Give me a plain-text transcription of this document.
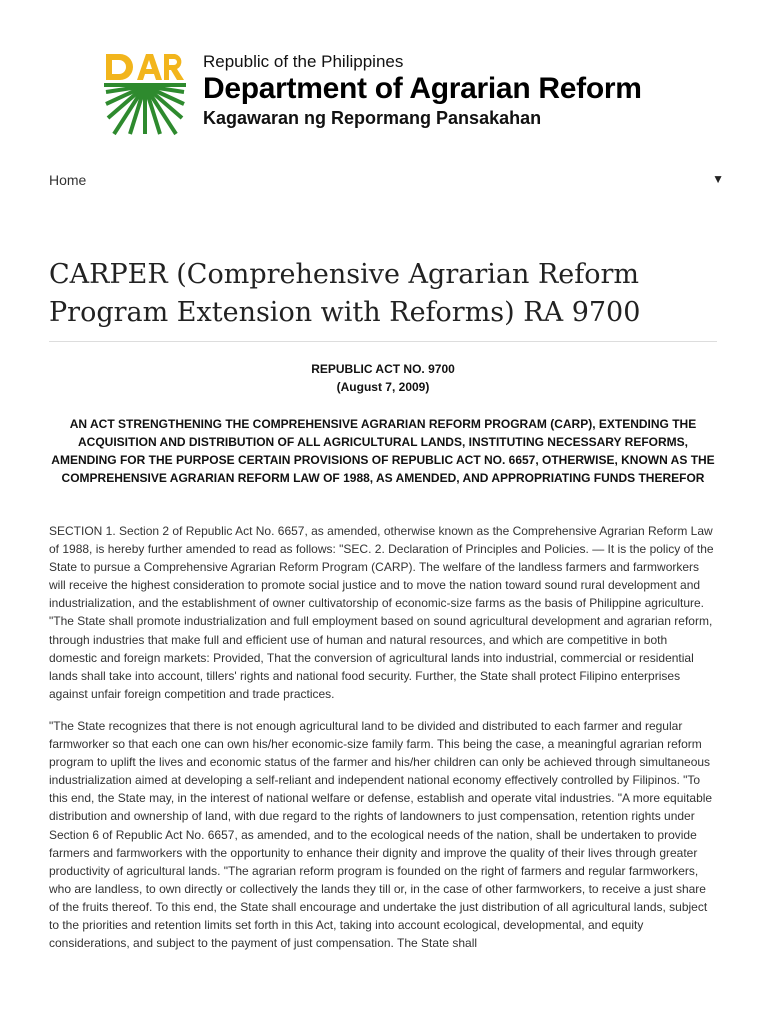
Republic of the Philippines
Department of Agrarian Reform
Kagawaran ng Repormang Pansakahan
Home	▼
CARPER (Comprehensive Agrarian Reform Program Extension with Reforms) RA 9700
REPUBLIC ACT NO. 9700
(August 7, 2009)
AN ACT STRENGTHENING THE COMPREHENSIVE AGRARIAN REFORM PROGRAM (CARP), EXTENDING THE ACQUISITION AND DISTRIBUTION OF ALL AGRICULTURAL LANDS, INSTITUTING NECESSARY REFORMS, AMENDING FOR THE PURPOSE CERTAIN PROVISIONS OF REPUBLIC ACT NO. 6657, OTHERWISE, KNOWN AS THE COMPREHENSIVE AGRARIAN REFORM LAW OF 1988, AS AMENDED, AND APPROPRIATING FUNDS THEREFOR

SECTION 1. Section 2 of Republic Act No. 6657, as amended, otherwise known as the Comprehensive Agrarian Reform Law of 1988, is hereby further amended to read as follows: "SEC. 2. Declaration of Principles and Policies. — It is the policy of the State to pursue a Comprehensive Agrarian Reform Program (CARP). The welfare of the landless farmers and farmworkers will receive the highest consideration to promote social justice and to move the nation toward sound rural development and industrialization, and the establishment of owner cultivatorship of economic-size farms as the basis of Philippine agriculture. "The State shall promote industrialization and full employment based on sound agricultural development and agrarian reform, through industries that make full and efficient use of human and natural resources, and which are competitive in both domestic and foreign markets: Provided, That the conversion of agricultural lands into industrial, commercial or residential lands shall take into account, tillers' rights and national food security. Further, the State shall protect Filipino enterprises against unfair foreign competition and trade practices.

"The State recognizes that there is not enough agricultural land to be divided and distributed to each farmer and regular farmworker so that each one can own his/her economic-size family farm. This being the case, a meaningful agrarian reform program to uplift the lives and economic status of the farmer and his/her children can only be achieved through simultaneous industrialization aimed at developing a self-reliant and independent national economy effectively controlled by Filipinos. "To this end, the State may, in the interest of national welfare or defense, establish and operate vital industries. "A more equitable distribution and ownership of land, with due regard to the rights of landowners to just compensation, retention rights under Section 6 of Republic Act No. 6657, as amended, and to the ecological needs of the nation, shall be undertaken to provide farmers and farmworkers with the opportunity to enhance their dignity and improve the quality of their lives through greater productivity of agricultural lands. "The agrarian reform program is founded on the right of farmers and regular farmworkers, who are landless, to own directly or collectively the lands they till or, in the case of other farmworkers, to receive a just share of the fruits thereof. To this end, the State shall encourage and undertake the just distribution of all agricultural lands, subject to the priorities and retention limits set forth in this Act, taking into account ecological, developmental, and equity considerations, and subject to the payment of just compensation. The State shall
